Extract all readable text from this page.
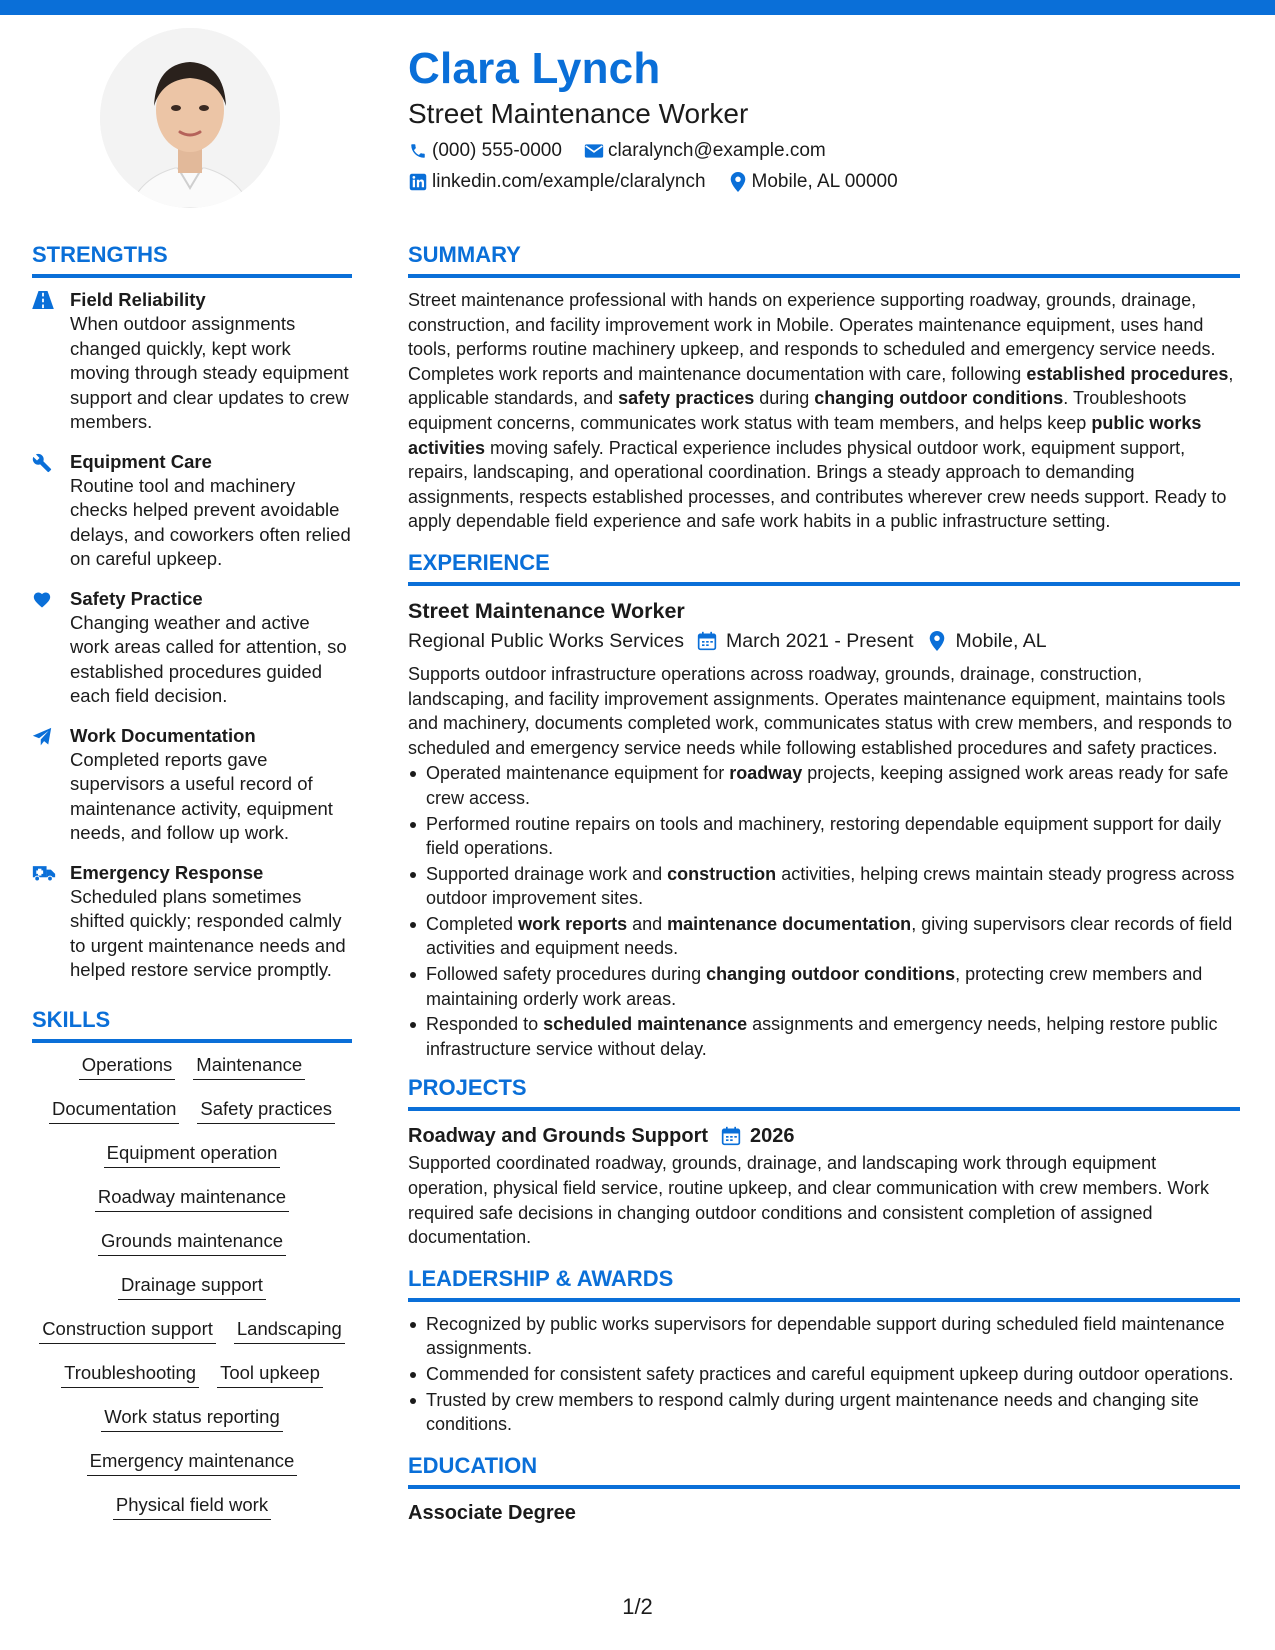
Clara Lynch
Street Maintenance Worker
(000) 555-0000 claralynch@example.com
linkedin.com/example/claralynch Mobile, AL 00000
STRENGTHS
Field Reliability
When outdoor assignments changed quickly, kept work moving through steady equipment support and clear updates to crew members.
Equipment Care
Routine tool and machinery checks helped prevent avoidable delays, and coworkers often relied on careful upkeep.
Safety Practice
Changing weather and active work areas called for attention, so established procedures guided each field decision.
Work Documentation
Completed reports gave supervisors a useful record of maintenance activity, equipment needs, and follow up work.
Emergency Response
Scheduled plans sometimes shifted quickly; responded calmly to urgent maintenance needs and helped restore service promptly.
SKILLS
Operations Maintenance
Documentation Safety practices
Equipment operation
Roadway maintenance
Grounds maintenance
Drainage support
Construction support Landscaping
Troubleshooting Tool upkeep
Work status reporting
Emergency maintenance
Physical field work
SUMMARY
Street maintenance professional with hands on experience supporting roadway, grounds, drainage, construction, and facility improvement work in Mobile. Operates maintenance equipment, uses hand tools, performs routine machinery upkeep, and responds to scheduled and emergency service needs. Completes work reports and maintenance documentation with care, following established procedures, applicable standards, and safety practices during changing outdoor conditions. Troubleshoots equipment concerns, communicates work status with team members, and helps keep public works activities moving safely. Practical experience includes physical outdoor work, equipment support, repairs, landscaping, and operational coordination. Brings a steady approach to demanding assignments, respects established processes, and contributes wherever crew needs support. Ready to apply dependable field experience and safe work habits in a public infrastructure setting.
EXPERIENCE
Street Maintenance Worker
Regional Public Works Services March 2021 - Present Mobile, AL
Supports outdoor infrastructure operations across roadway, grounds, drainage, construction, landscaping, and facility improvement assignments. Operates maintenance equipment, maintains tools and machinery, documents completed work, communicates status with crew members, and responds to scheduled and emergency service needs while following established procedures and safety practices.
Operated maintenance equipment for roadway projects, keeping assigned work areas ready for safe crew access.
Performed routine repairs on tools and machinery, restoring dependable equipment support for daily field operations.
Supported drainage work and construction activities, helping crews maintain steady progress across outdoor improvement sites.
Completed work reports and maintenance documentation, giving supervisors clear records of field activities and equipment needs.
Followed safety procedures during changing outdoor conditions, protecting crew members and maintaining orderly work areas.
Responded to scheduled maintenance assignments and emergency needs, helping restore public infrastructure service without delay.
PROJECTS
Roadway and Grounds Support 2026
Supported coordinated roadway, grounds, drainage, and landscaping work through equipment operation, physical field service, routine upkeep, and clear communication with crew members. Work required safe decisions in changing outdoor conditions and consistent completion of assigned documentation.
LEADERSHIP & AWARDS
Recognized by public works supervisors for dependable support during scheduled field maintenance assignments.
Commended for consistent safety practices and careful equipment upkeep during outdoor operations.
Trusted by crew members to respond calmly during urgent maintenance needs and changing site conditions.
EDUCATION
Associate Degree
1/2
